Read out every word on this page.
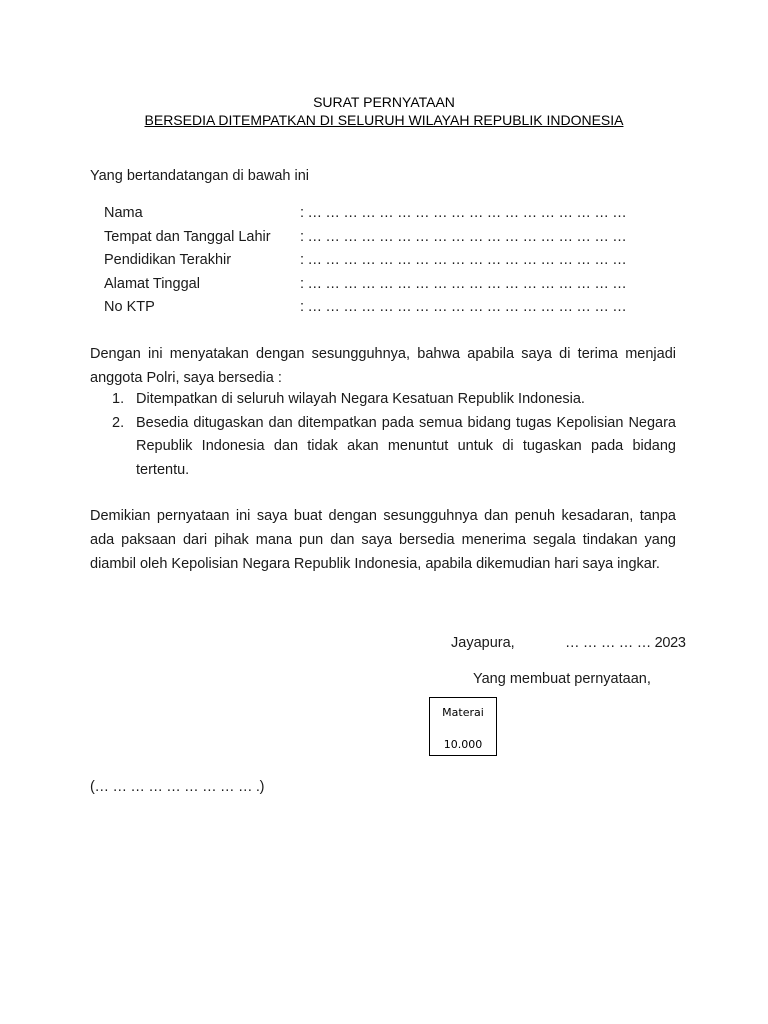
SURAT PERNYATAAN
BERSEDIA DITEMPATKAN DI SELURUH WILAYAH REPUBLIK INDONESIA
Yang bertandatangan di bawah ini
Nama	: … … … … … … … … … … … … … … … … … …
Tempat dan Tanggal Lahir : … … … … … … … … … … … … … … … … … …
Pendidikan Terakhir	: … … … … … … … … … … … … … … … … … …
Alamat Tinggal	: … … … … … … … … … … … … … … … … … …
No KTP	: … … … … … … … … … … … … … … … … … …
Dengan ini menyatakan dengan sesungguhnya, bahwa apabila saya di terima menjadi anggota Polri, saya bersedia :
1. Ditempatkan di seluruh wilayah Negara Kesatuan Republik Indonesia.
2. Besedia ditugaskan dan ditempatkan pada semua bidang tugas Kepolisian Negara Republik Indonesia dan tidak akan menuntut untuk di tugaskan pada bidang tertentu.
Demikian pernyataan ini saya buat dengan sesungguhnya dan penuh kesadaran, tanpa ada paksaan dari pihak mana pun dan saya bersedia menerima segala tindakan yang diambil oleh Kepolisian Negara Republik Indonesia, apabila dikemudian hari saya ingkar.
Jayapura,	… … … … … 2023
Yang membuat pernyataan,
Materai
10.000
(… … … … … … … … … .)
